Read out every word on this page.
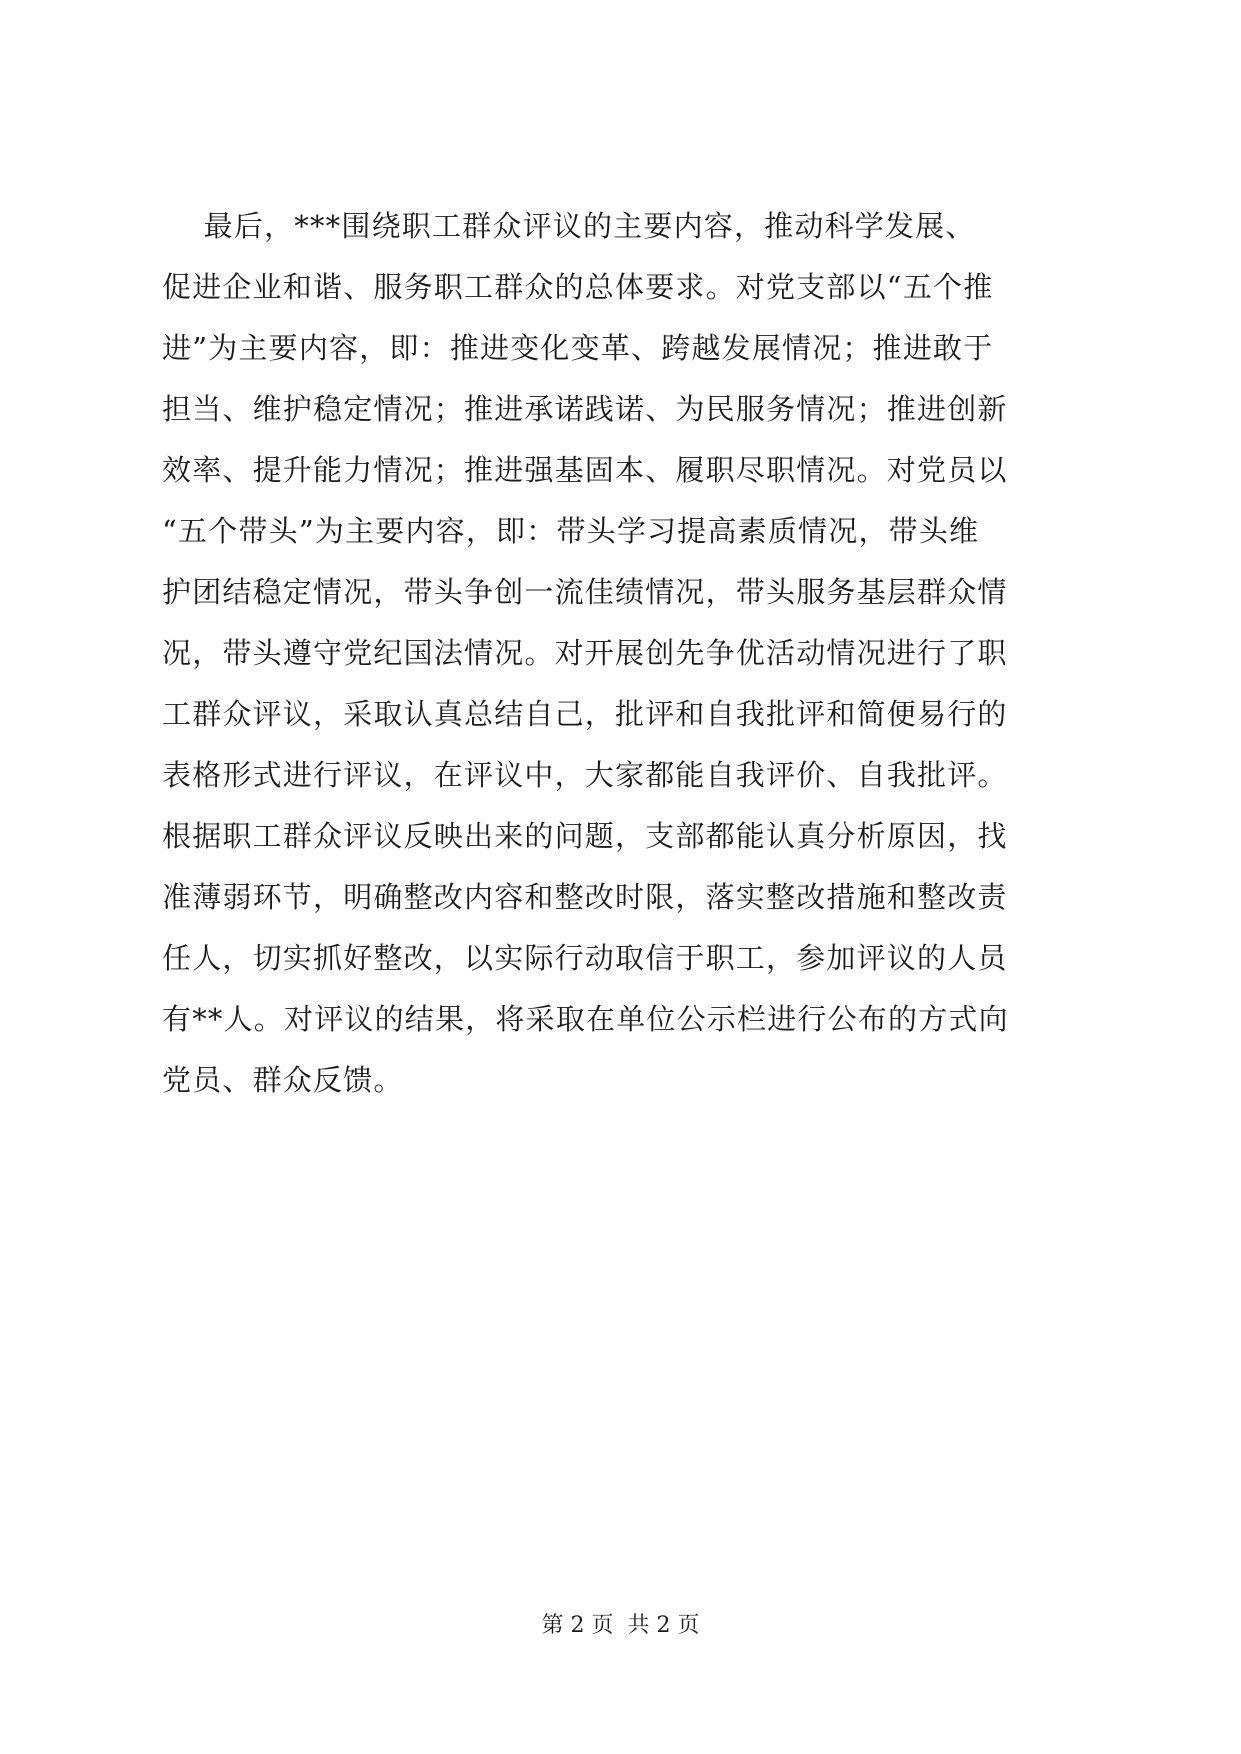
最后，***围绕职工群众评议的主要内容，推动科学发展、
促进企业和谐、服务职工群众的总体要求。对党支部以“五个推
进”为主要内容，即：推进变化变革、跨越发展情况；推进敢于
担当、维护稳定情况；推进承诺践诺、为民服务情况；推进创新
效率、提升能力情况；推进强基固本、履职尽职情况。对党员以
“五个带头”为主要内容，即：带头学习提高素质情况，带头维
护团结稳定情况，带头争创一流佳绩情况，带头服务基层群众情
况，带头遵守党纪国法情况。对开展创先争优活动情况进行了职
工群众评议，采取认真总结自己，批评和自我批评和简便易行的
表格形式进行评议，在评议中，大家都能自我评价、自我批评。
根据职工群众评议反映出来的问题，支部都能认真分析原因，找
准薄弱环节，明确整改内容和整改时限，落实整改措施和整改责
任人，切实抓好整改，以实际行动取信于职工，参加评议的人员
有**人。对评议的结果，将采取在单位公示栏进行公布的方式向
党员、群众反馈。
第 2 页  共 2 页
